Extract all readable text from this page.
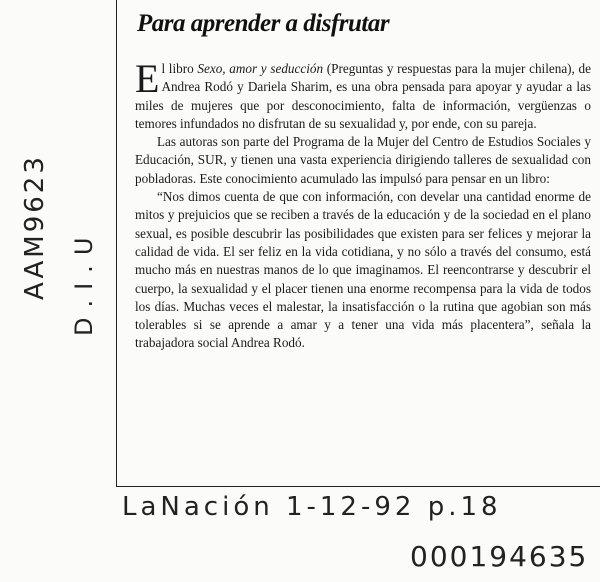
Para aprender a disfrutar

El libro Sexo, amor y seducción (Preguntas y respuestas para la mujer chilena), de Andrea Rodó y Dariela Sharim, es una obra pensada para apoyar y ayudar a las miles de mujeres que por desconocimiento, falta de información, vergüenzas o temores infundados no disfrutan de su sexualidad y, por ende, con su pareja.

Las autoras son parte del Programa de la Mujer del Centro de Estudios Sociales y Educación, SUR, y tienen una vasta experiencia dirigiendo talleres de sexualidad con pobladoras. Este conocimiento acumulado las impulsó para pensar en un libro:

“Nos dimos cuenta de que con información, con develar una cantidad enorme de mitos y prejuicios que se reciben a través de la educación y de la sociedad en el plano sexual, es posible descubrir las posibilidades que existen para ser felices y mejorar la calidad de vida. El ser feliz en la vida cotidiana, y no sólo a través del consumo, está mucho más en nuestras manos de lo que imaginamos. El reencontrarse y descubrir el cuerpo, la sexualidad y el placer tienen una enorme recompensa para la vida de todos los días. Muchas veces el malestar, la insatisfacción o la rutina que agobian son más tolerables si se aprende a amar y a tener una vida más placentera”, señala la trabajadora social Andrea Rodó.

AAM9623 D.I.U
LaNación 1-12-92 p.18
000194635
